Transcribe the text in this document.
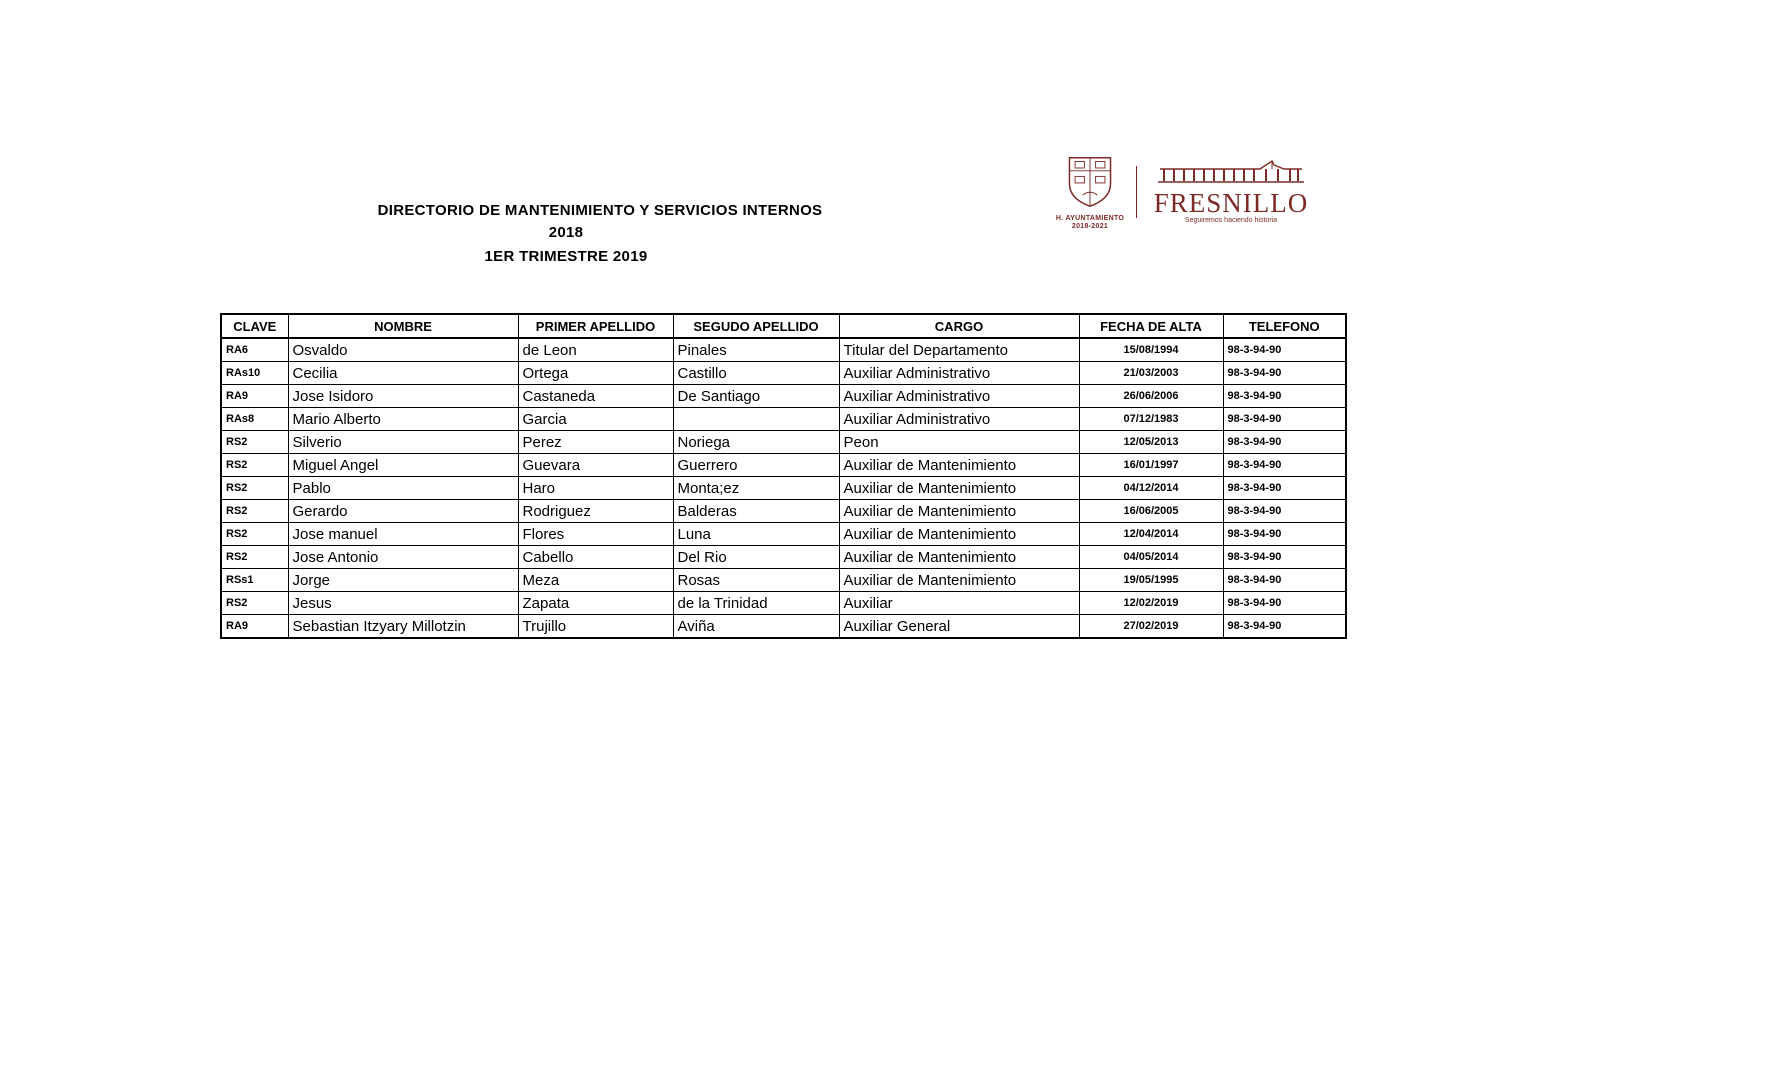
DIRECTORIO DE MANTENIMIENTO Y SERVICIOS INTERNOS
2018
1ER TRIMESTRE 2019
H. AYUNTAMIENTO
2018-2021
FRESNILLO
Seguiremos haciendo historia
CLAVE	NOMBRE	PRIMER APELLIDO	SEGUDO APELLIDO	CARGO	FECHA DE ALTA	TELEFONO
RA6	Osvaldo	de Leon	Pinales	Titular del Departamento	15/08/1994	98-3-94-90
RAs10	Cecilia	Ortega	Castillo	Auxiliar Administrativo	21/03/2003	98-3-94-90
RA9	Jose Isidoro	Castaneda	De Santiago	Auxiliar Administrativo	26/06/2006	98-3-94-90
RAs8	Mario Alberto	Garcia		Auxiliar Administrativo	07/12/1983	98-3-94-90
RS2	Silverio	Perez	Noriega	Peon	12/05/2013	98-3-94-90
RS2	Miguel Angel	Guevara	Guerrero	Auxiliar de Mantenimiento	16/01/1997	98-3-94-90
RS2	Pablo	Haro	Monta;ez	Auxiliar de Mantenimiento	04/12/2014	98-3-94-90
RS2	Gerardo	Rodriguez	Balderas	Auxiliar de Mantenimiento	16/06/2005	98-3-94-90
RS2	Jose manuel	Flores	Luna	Auxiliar de Mantenimiento	12/04/2014	98-3-94-90
RS2	Jose Antonio	Cabello	Del Rio	Auxiliar de Mantenimiento	04/05/2014	98-3-94-90
RSs1	Jorge	Meza	Rosas	Auxiliar de Mantenimiento	19/05/1995	98-3-94-90
RS2	Jesus	Zapata	de la Trinidad	Auxiliar	12/02/2019	98-3-94-90
RA9	Sebastian Itzyary Millotzin	Trujillo	Aviña	Auxiliar General	27/02/2019	98-3-94-90
